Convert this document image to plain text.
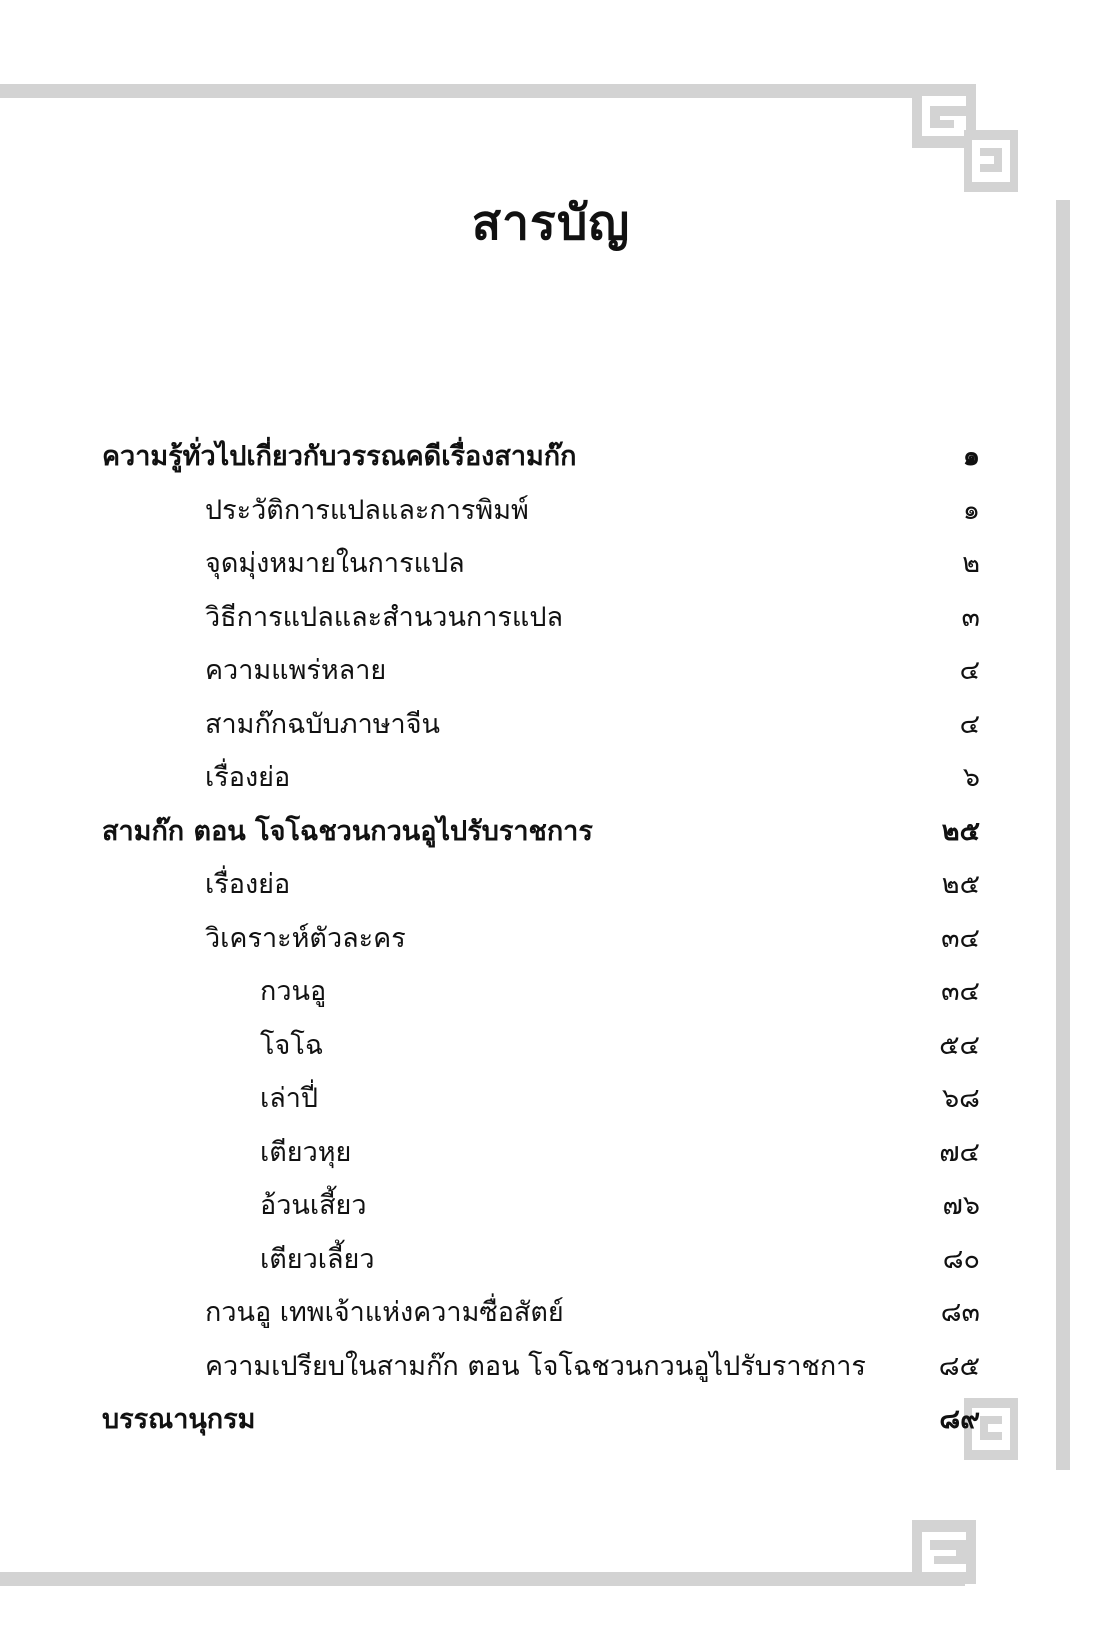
สารบัญ
ความรู้ทั่วไปเกี่ยวกับวรรณคดีเรื่องสามก๊ก	๑
ประวัติการแปลและการพิมพ์	๑
จุดมุ่งหมายในการแปล	๒
วิธีการแปลและสำนวนการแปล	๓
ความแพร่หลาย	๔
สามก๊กฉบับภาษาจีน	๔
เรื่องย่อ	๖
สามก๊ก ตอน โจโฉชวนกวนอูไปรับราชการ	๒๕
เรื่องย่อ	๒๕
วิเคราะห์ตัวละคร	๓๔
กวนอู	๓๔
โจโฉ	๕๔
เล่าปี่	๖๘
เตียวหุย	๗๔
อ้วนเสี้ยว	๗๖
เตียวเลี้ยว	๘๐
กวนอู เทพเจ้าแห่งความซื่อสัตย์	๘๓
ความเปรียบในสามก๊ก ตอน โจโฉชวนกวนอูไปรับราชการ	๘๕
บรรณานุกรม	๘๙
